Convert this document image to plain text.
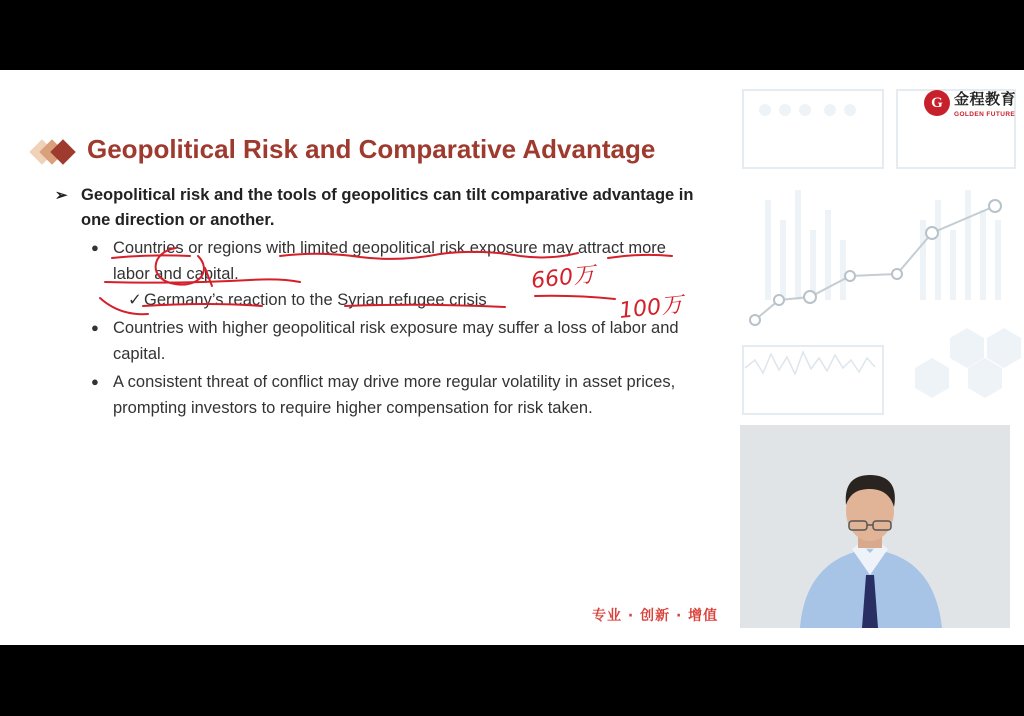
G 金程教育
GOLDEN FUTURE
Geopolitical Risk and Comparative Advantage
➢ Geopolitical risk and the tools of geopolitics can tilt comparative advantage in one direction or another.
● Countries or regions with limited geopolitical risk exposure may attract more labor and capital.
✓ Germany’s reaction to the Syrian refugee crisis
● Countries with higher geopolitical risk exposure may suffer a loss of labor and capital.
● A consistent threat of conflict may drive more regular volatility in asset prices, prompting investors to require higher compensation for risk taken.
660万
100万
专业 · 创新 · 增值
